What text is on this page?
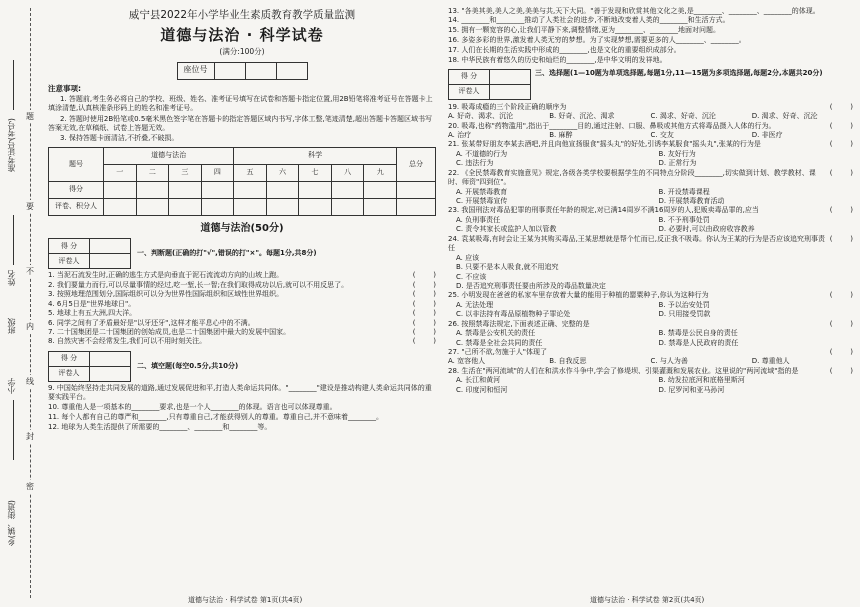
准考证号(考号)
姓名
班级
小学
乡(镇、街道)
题
要
不
内
线
封
密
威宁县2022年小学毕业生素质教育教学质量监测
道德与法治 · 科学试卷
(满分:100分)
座位号			
注意事项:

1. 答题前,考生务必将自己的学校、班级、姓名、准考证号填写在试卷和答题卡指定位置,用2B铅笔将准考证号在答题卡上填涂清楚,认真核准条形码上的姓名和准考证号。

2. 答题时使用2B铅笔或0.5毫米黑色签字笔在答题卡的指定答题区域内书写,字体工整,笔迹清楚,超出答题卡答题区域书写答案无效,在草稿纸、试卷上答题无效。

3. 保持答题卡面清洁,不折叠,不破损。

题号	道德与法治				科学					总分
	一	二	三	四	五	六	七	八	九	
得分										
评卷、积分人										
道德与法治(50分)
得 分	
评卷人	
一、判断题(正确的打"√",错误的打"×"。每题1分,共8分)
1. 当泥石流发生时,正确的逃生方式是向垂直于泥石流流动方向的山坡上跑。	(        )
2. 我们要量力而行,可以尽量事情的经过,吃一堑,长一智;在我们取得成功以后,就可以不用反思了。	(        )
3. 按照地理范围划分,国际组织可以分为世界性国际组织和区域性世界组织。	(        )
4. 6月5日是"世界地球日"。	(        )
5. 地球上有五大洲,四大洋。	(        )
6. 同学之间有了矛盾最好是"以牙还牙",这样才能平息心中的不满。	(        )
7. 二十国集团是二十国集团的创始成员,也是二十国集团中最大的发展中国家。	(        )
8. 自然灾害不会经常发生,我们可以不用时刻关注。	(        )
得 分	
评卷人	
二、填空题(每空0.5分,共10分)
9. 中国始终坚持走共同发展的道路,通过发展促进和平,打造人类命运共同体。"________"建设是推动构建人类命运共同体的重要实践平台。
10. 尊重他人是一项基本的________要求,也是一个人________的体现。语言也可以体现尊重。
11. 每个人都有自己的尊严和________,只有尊重自己,才能获得别人的尊重。尊重自己,并不意味着________。
12. 地球为人类生活提供了所需要的________、________和________等。
道德与法治 · 科学试卷 第1页(共4页)
13. "各美其美,美人之美,美美与共,天下大同。"善于发现和欣赏其他文化之美,是________、________、________的体现。
14. ________和________推动了人类社会的进步,不断地改变着人类的________和生活方式。
15. 拥有一颗宽容的心,让我们平静下来,调整情绪,更为________、________地面对问题。
16. 多姿多彩的世界,激发着人类无穷的梦想。为了实现梦想,需要更多的人________、________。
17. 人们在长期的生活实践中形成的________,也是文化的重要组织成部分。
18. 中华民族有着悠久的历史和灿烂的________,是中华文明的发祥地。
得 分	
评卷人	
三、选择题(1—10题为单项选择题,每题1分,11—15题为多项选择题,每题2分,本题共20分)
19. 吸毒成瘾的三个阶段正确的顺序为	(        )
A. 好奇、渴求、沉沦	B. 好奇、沉沦、渴求	C. 渴求、好奇、沉沦	D. 渴求、好奇、沉沦
20. 吸毒,也称"药物滥用",指出于________目的,通过注射、口服、鼻吸或其他方式将毒品摄入人体的行为。	(        )
A. 治疗	B. 麻醉	C. 交友	D. 非医疗
21. 张某带好朋友李某去酒吧,并且向他宣扬服食"摇头丸"的好处,引诱李某服食"摇头丸",张某的行为是	(        )
A. 不道德的行为	B. 友好行为
C. 违法行为	D. 正常行为
22. 《全民禁毒教育实施意见》规定,各级各类学校要根据学生的不同特点分阶段________,切实做到计划、教学教材、课时、师资"四到位"。
(        )
A. 开展禁毒教育	B. 开设禁毒课程
C. 开展禁毒宣传	D. 开展禁毒教育活动
23. 我国刑法对毒品犯罪的刑事责任年龄的规定,对已满14周岁不满16周岁的人,犯贩卖毒品罪的,应当	(        )
A. 负刑事责任	B. 不予刑事处罚
C. 责令其家长或监护人加以管教	D. 必要时,可以由政府收容教养
24. 袁某吸毒,有时会让王某为其购买毒品,王某思想就是帮个忙而已,反正我不吸毒。你认为王某的行为是否应该追究刑事责任
(        )
A. 应该
B. 只要不是本人吸食,就不用追究
C. 不应该
D. 是否追究刑事责任要由所涉及的毒品数量决定
25. 小明发现在爸爸的私家车里存放着大量的能用于种植的罂粟种子,你认为这种行为	(        )
A. 无法处理	B. 予以治安处罚
C. 以非法持有毒品原植物种子罪论处	D. 只用接受罚款
26. 按照禁毒法规定,下面表述正确、完整的是	(        )
A. 禁毒是公安机关的责任	B. 禁毒是公民自身的责任
C. 禁毒是全社会共同的责任	D. 禁毒是人民政府的责任
27. "己所不欲,勿施于人"体现了	(        )
A. 宽容他人	B. 自我反思	C. 与人为善	D. 尊重他人
28. 生活在"两河流域"的人们在和洪水作斗争中,学会了修堤坝、引渠灌溉和发展农业。这里说的"两河流域"指的是	(        )
A. 长江和黄河	B. 幼发拉底河和底格里斯河
C. 印度河和恒河	D. 尼罗河和亚马孙河
道德与法治 · 科学试卷 第2页(共4页)
